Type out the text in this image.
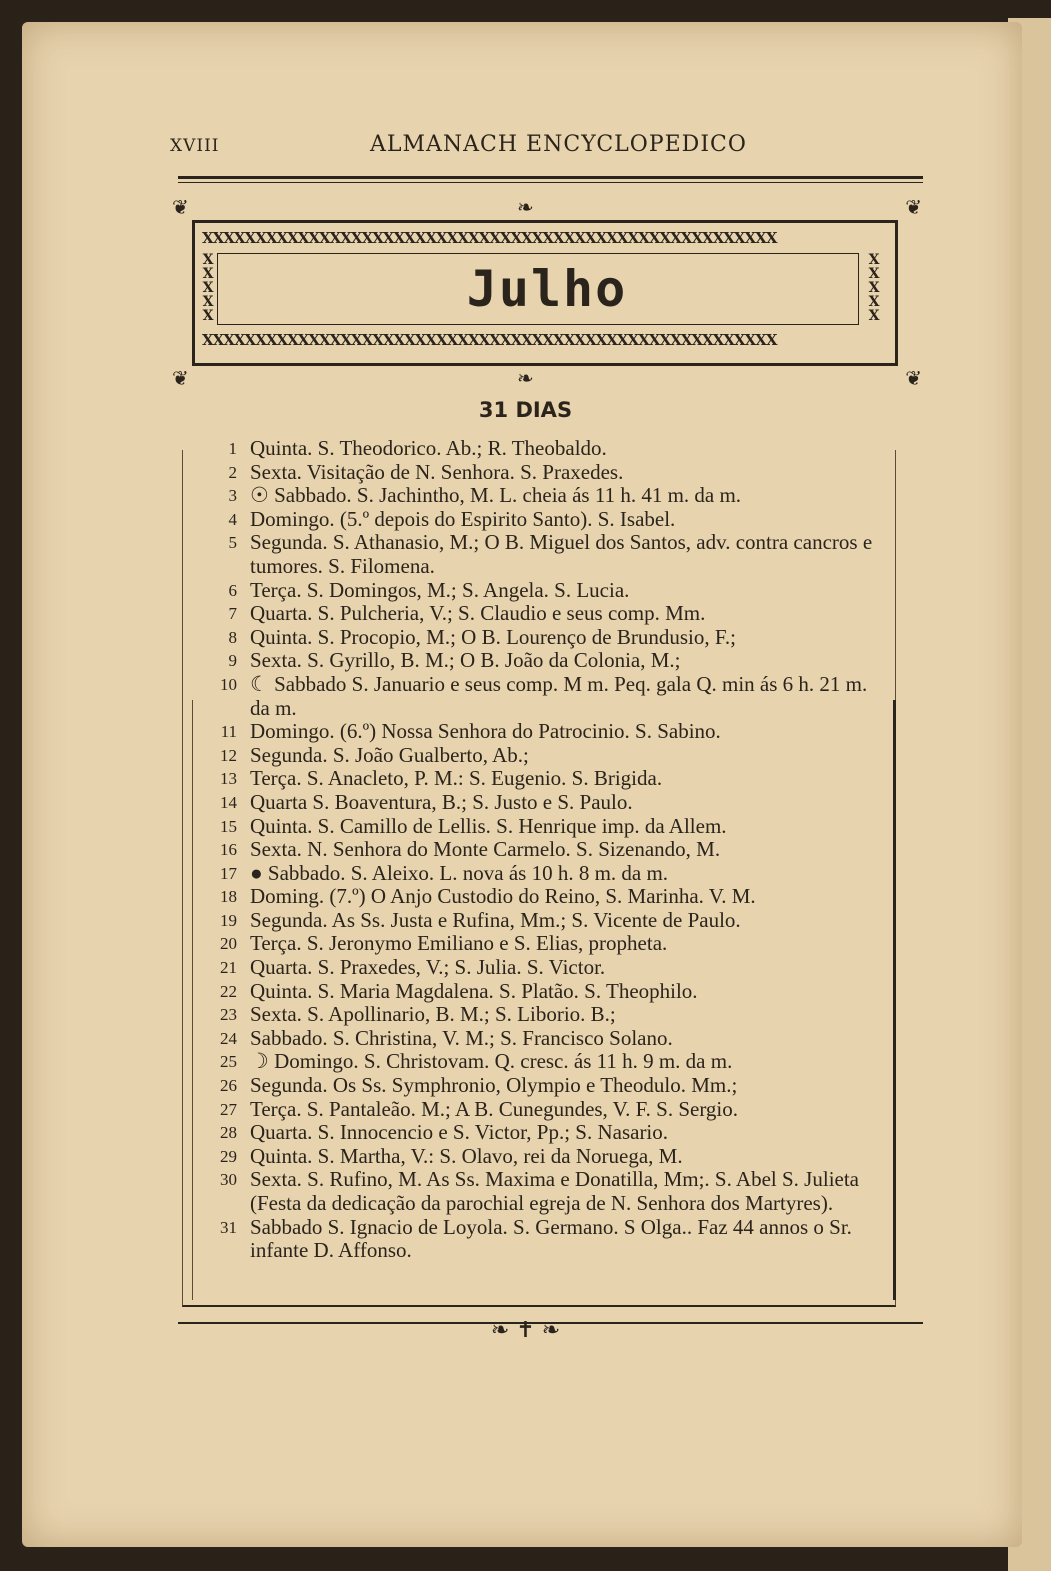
XVIII	ALMANACH ENCYCLOPEDICO
❦	❦
❦	❦
❧
❧
XXXXXXXXXXXXXXXXXXXXXXXXXXXXXXXXXXXXXXXXXXXXXXXXXXXXXX
XXXXXXXXXXXXXXXXXXXXXXXXXXXXXXXXXXXXXXXXXXXXXXXXXXXXXX
X
X
X
X
X
X
X
X
X
X
Julho
31 DIAS
1 Quinta. S. Theodorico. Ab.; R. Theobaldo.
2 Sexta. Visitação de N. Senhora. S. Praxedes.
3 ☉ Sabbado. S. Jachintho, M. L. cheia ás 11 h. 41 m. da m.
4 Domingo. (5.º depois do Espirito Santo). S. Isabel.
5 Segunda. S. Athanasio, M.; O B. Miguel dos Santos, adv. contra cancros e tumores. S. Filomena.
6 Terça. S. Domingos, M.; S. Angela. S. Lucia.
7 Quarta. S. Pulcheria, V.; S. Claudio e seus comp. Mm.
8 Quinta. S. Procopio, M.; O B. Lourenço de Brundusio, F.;
9 Sexta. S. Gyrillo, B. M.; O B. João da Colonia, M.;
10 ☾ Sabbado S. Januario e seus comp. M m. Peq. gala Q. min ás 6 h. 21 m. da m.
11 Domingo. (6.º) Nossa Senhora do Patrocinio. S. Sabino.
12 Segunda. S. João Gualberto, Ab.;
13 Terça. S. Anacleto, P. M.: S. Eugenio. S. Brigida.
14 Quarta S. Boaventura, B.; S. Justo e S. Paulo.
15 Quinta. S. Camillo de Lellis. S. Henrique imp. da Allem.
16 Sexta. N. Senhora do Monte Carmelo. S. Sizenando, M.
17 ● Sabbado. S. Aleixo. L. nova ás 10 h. 8 m. da m.
18 Doming. (7.º) O Anjo Custodio do Reino, S. Marinha. V. M.
19 Segunda. As Ss. Justa e Rufina, Mm.; S. Vicente de Paulo.
20 Terça. S. Jeronymo Emiliano e S. Elias, propheta.
21 Quarta. S. Praxedes, V.; S. Julia. S. Victor.
22 Quinta. S. Maria Magdalena. S. Platão. S. Theophilo.
23 Sexta. S. Apollinario, B. M.; S. Liborio. B.;
24 Sabbado. S. Christina, V. M.; S. Francisco Solano.
25 ☽ Domingo. S. Christovam. Q. cresc. ás 11 h. 9 m. da m.
26 Segunda. Os Ss. Symphronio, Olympio e Theodulo. Mm.;
27 Terça. S. Pantaleão. M.; A B. Cunegundes, V. F. S. Sergio.
28 Quarta. S. Innocencio e S. Victor, Pp.; S. Nasario.
29 Quinta. S. Martha, V.: S. Olavo, rei da Noruega, M.
30 Sexta. S. Rufino, M. As Ss. Maxima e Donatilla, Mm;. S. Abel S. Julieta (Festa da dedicação da parochial egreja de N. Senhora dos Martyres).
31 Sabbado S. Ignacio de Loyola. S. Germano. S Olga.. Faz 44 annos o Sr. infante D. Affonso.
❧ ✝ ❧
